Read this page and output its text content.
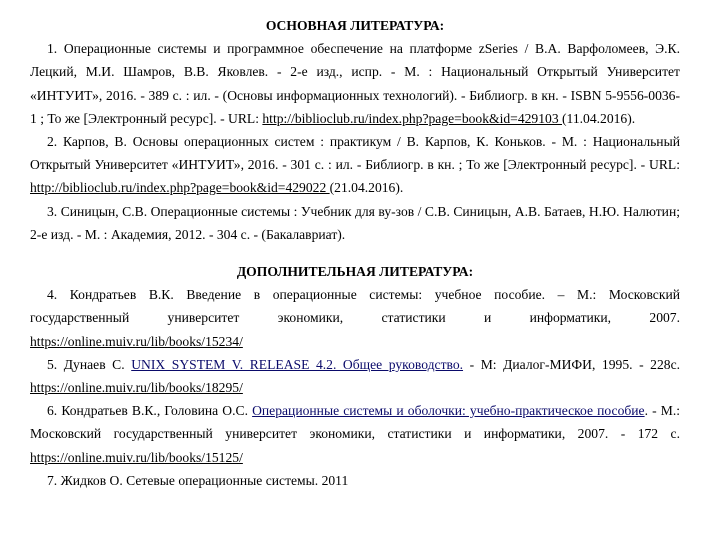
ОСНОВНАЯ ЛИТЕРАТУРА:

1. Операционные системы и программное обеспечение на платформе zSeries / В.А. Варфоломеев, Э.К. Лецкий, М.И. Шамров, В.В. Яковлев. - 2-е изд., испр. - М. : Национальный Открытый Университет «ИНТУИТ», 2016. - 389 с. : ил. - (Основы информационных технологий). - Библиогр. в кн. - ISBN 5-9556-0036-1 ; То же [Электронный ресурс]. - URL: http://biblioclub.ru/index.php?page=book&id=429103 (11.04.2016).

2. Карпов, В. Основы операционных систем : практикум / В. Карпов, К. Коньков. - М. : Национальный Открытый Университет «ИНТУИТ», 2016. - 301 с. : ил. - Библиогр. в кн. ; То же [Электронный ресурс]. - URL: http://biblioclub.ru/index.php?page=book&id=429022 (21.04.2016).

3. Синицын, С.В. Операционные системы : Учебник для ву-зов / С.В. Синицын, А.В. Батаев, Н.Ю. Налютин; 2-е изд. - М. : Академия, 2012. - 304 с. - (Бакалавриат).

ДОПОЛНИТЕЛЬНАЯ ЛИТЕРАТУРА:

4. Кондратьев В.К. Введение в операционные системы: учебное пособие. – М.: Московский государственный университет экономики, статистики и информатики, 2007. https://online.muiv.ru/lib/books/15234/

5. Дунаев С. UNIX SYSTEM V. RELEASE 4.2. Общее руководство. - М: Диалог-МИФИ, 1995. - 228с. https://online.muiv.ru/lib/books/18295/

6. Кондратьев В.К., Головина О.С. Операционные системы и оболочки: учебно-практическое пособие. - М.: Московский государственный университет экономики, статистики и информатики, 2007. - 172 с. https://online.muiv.ru/lib/books/15125/

7. Жидков О. Сетевые операционные системы. 2011
